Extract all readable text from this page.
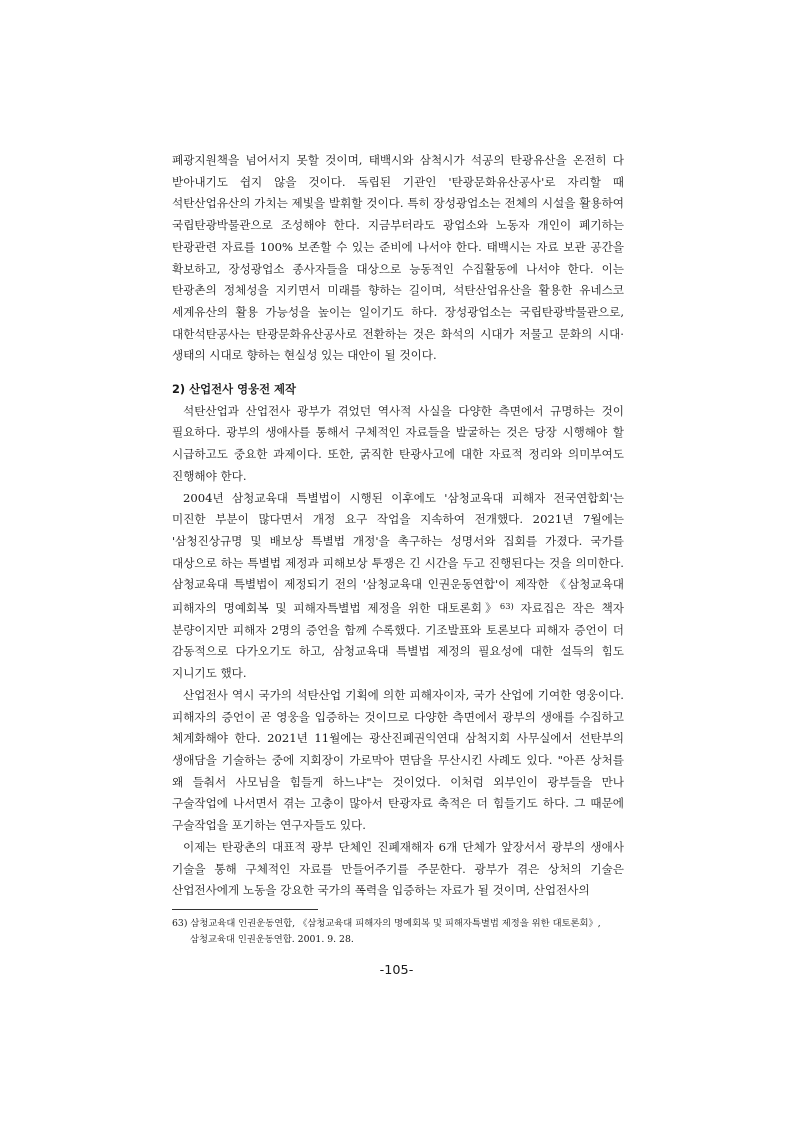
폐광지원책을 넘어서지 못할 것이며, 태백시와 삼척시가 석공의 탄광유산을 온전히 다 받아내기도 쉽지 않을 것이다. 독립된 기관인 '탄광문화유산공사'로 자리할 때 석탄산업유산의 가치는 제빛을 발휘할 것이다. 특히 장성광업소는 전체의 시설을 활용하여 국립탄광박물관으로 조성해야 한다. 지금부터라도 광업소와 노동자 개인이 폐기하는 탄광관련 자료를 100% 보존할 수 있는 준비에 나서야 한다. 태백시는 자료 보관 공간을 확보하고, 장성광업소 종사자들을 대상으로 능동적인 수집활동에 나서야 한다. 이는 탄광촌의 정체성을 지키면서 미래를 향하는 길이며, 석탄산업유산을 활용한 유네스코 세계유산의 활용 가능성을 높이는 일이기도 하다. 장성광업소는 국립탄광박물관으로, 대한석탄공사는 탄광문화유산공사로 전환하는 것은 화석의 시대가 저물고 문화의 시대·생태의 시대로 향하는 현실성 있는 대안이 될 것이다.

2) 산업전사 영웅전 제작

석탄산업과 산업전사 광부가 겪었던 역사적 사실을 다양한 측면에서 규명하는 것이 필요하다. 광부의 생애사를 통해서 구체적인 자료들을 발굴하는 것은 당장 시행해야 할 시급하고도 중요한 과제이다. 또한, 굵직한 탄광사고에 대한 자료적 정리와 의미부여도 진행해야 한다.

2004년 삼청교육대 특별법이 시행된 이후에도 '삼청교육대 피해자 전국연합회'는 미진한 부분이 많다면서 개정 요구 작업을 지속하여 전개했다. 2021년 7월에는 '삼청진상규명 및 배보상 특별법 개정'을 촉구하는 성명서와 집회를 가졌다. 국가를 대상으로 하는 특별법 제정과 피해보상 투쟁은 긴 시간을 두고 진행된다는 것을 의미한다. 삼청교육대 특별법이 제정되기 전의 '삼청교육대 인권운동연합'이 제작한 《삼청교육대 피해자의 명예회복 및 피해자특별법 제정을 위한 대토론회》$^{63)}$ 자료집은 작은 책자 분량이지만 피해자 2명의 증언을 함께 수록했다. 기조발표와 토론보다 피해자 증언이 더 감동적으로 다가오기도 하고, 삼청교육대 특별법 제정의 필요성에 대한 설득의 힘도 지니기도 했다.

산업전사 역시 국가의 석탄산업 기획에 의한 피해자이자, 국가 산업에 기여한 영웅이다. 피해자의 증언이 곧 영웅을 입증하는 것이므로 다양한 측면에서 광부의 생애를 수집하고 체계화해야 한다. 2021년 11월에는 광산진폐권익연대 삼척지회 사무실에서 선탄부의 생애담을 기술하는 중에 지회장이 가로막아 면담을 무산시킨 사례도 있다. "아픈 상처를 왜 들춰서 사모님을 힘들게 하느냐"는 것이었다. 이처럼 외부인이 광부들을 만나 구술작업에 나서면서 겪는 고충이 많아서 탄광자료 축적은 더 힘들기도 하다. 그 때문에 구술작업을 포기하는 연구자들도 있다.

이제는 탄광촌의 대표적 광부 단체인 진폐재해자 6개 단체가 앞장서서 광부의 생애사 기술을 통해 구체적인 자료를 만들어주기를 주문한다. 광부가 겪은 상처의 기술은 산업전사에게 노동을 강요한 국가의 폭력을 입증하는 자료가 될 것이며, 산업전사의

63) 삼청교육대 인권운동연합, 《삼청교육대 피해자의 명예회복 및 피해자특별법 제정을 위한 대토론회》, 삼청교육대 인권운동연합. 2001. 9. 28.

-105-
